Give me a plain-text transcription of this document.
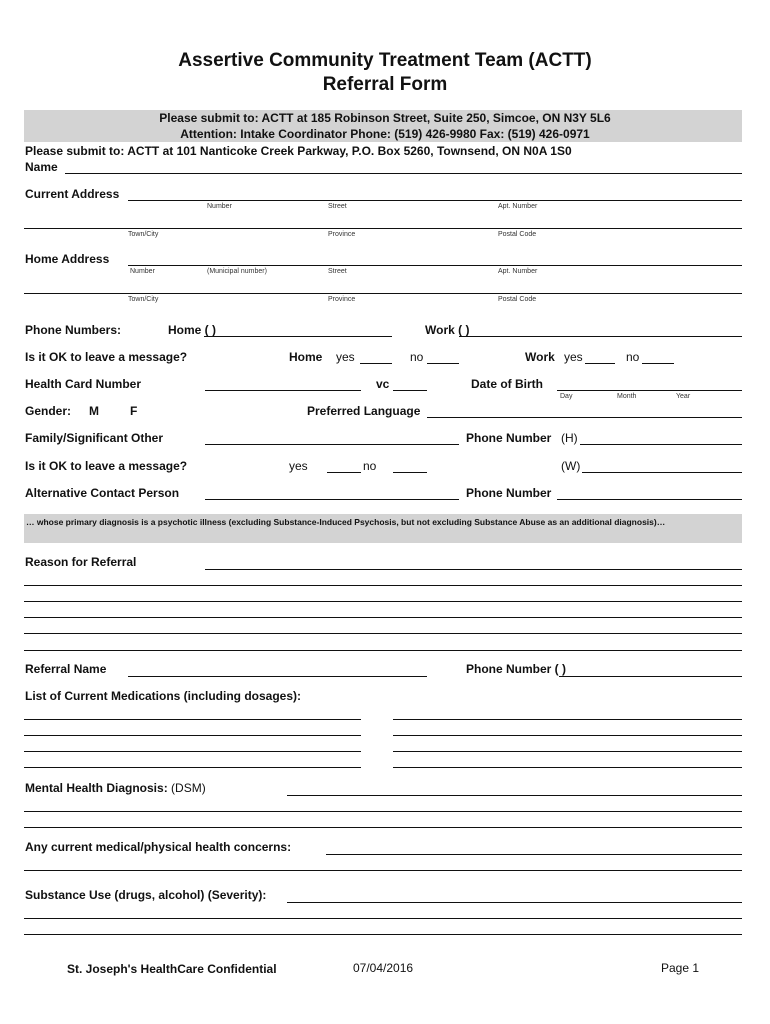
Assertive Community Treatment Team (ACTT)
Referral Form
Please submit to: ACTT at 185 Robinson Street, Suite 250, Simcoe, ON N3Y 5L6
Attention: Intake Coordinator Phone: (519) 426-9980 Fax: (519) 426-0971
Please submit to: ACTT at 101 Nanticoke Creek Parkway, P.O. Box 5260, Townsend, ON N0A 1S0
Name
Current Address
Number	Street	Apt. Number
Town/City	Province	Postal Code
Home Address
Number	(Municipal number)	Street	Apt. Number
Town/City	Province	Postal Code
Phone Numbers:	Home ( )	Work ( )
Is it OK to leave a message?	Home yes	no	Work yes	no
Health Card Number	vc	Date of Birth
Day	Month	Year
Gender: M	F	Preferred Language
Family/Significant Other	Phone Number (H)
Is it OK to leave a message?	yes	no	(W)
Alternative Contact Person	Phone Number
… whose primary diagnosis is a psychotic illness (excluding Substance-Induced Psychosis, but not excluding Substance Abuse as an additional diagnosis)…
Reason for Referral
Referral Name	Phone Number ( )
List of Current Medications (including dosages):
Mental Health Diagnosis: (DSM)
Any current medical/physical health concerns:
Substance Use (drugs, alcohol) (Severity):
St. Joseph's HealthCare Confidential	07/04/2016	Page 1
